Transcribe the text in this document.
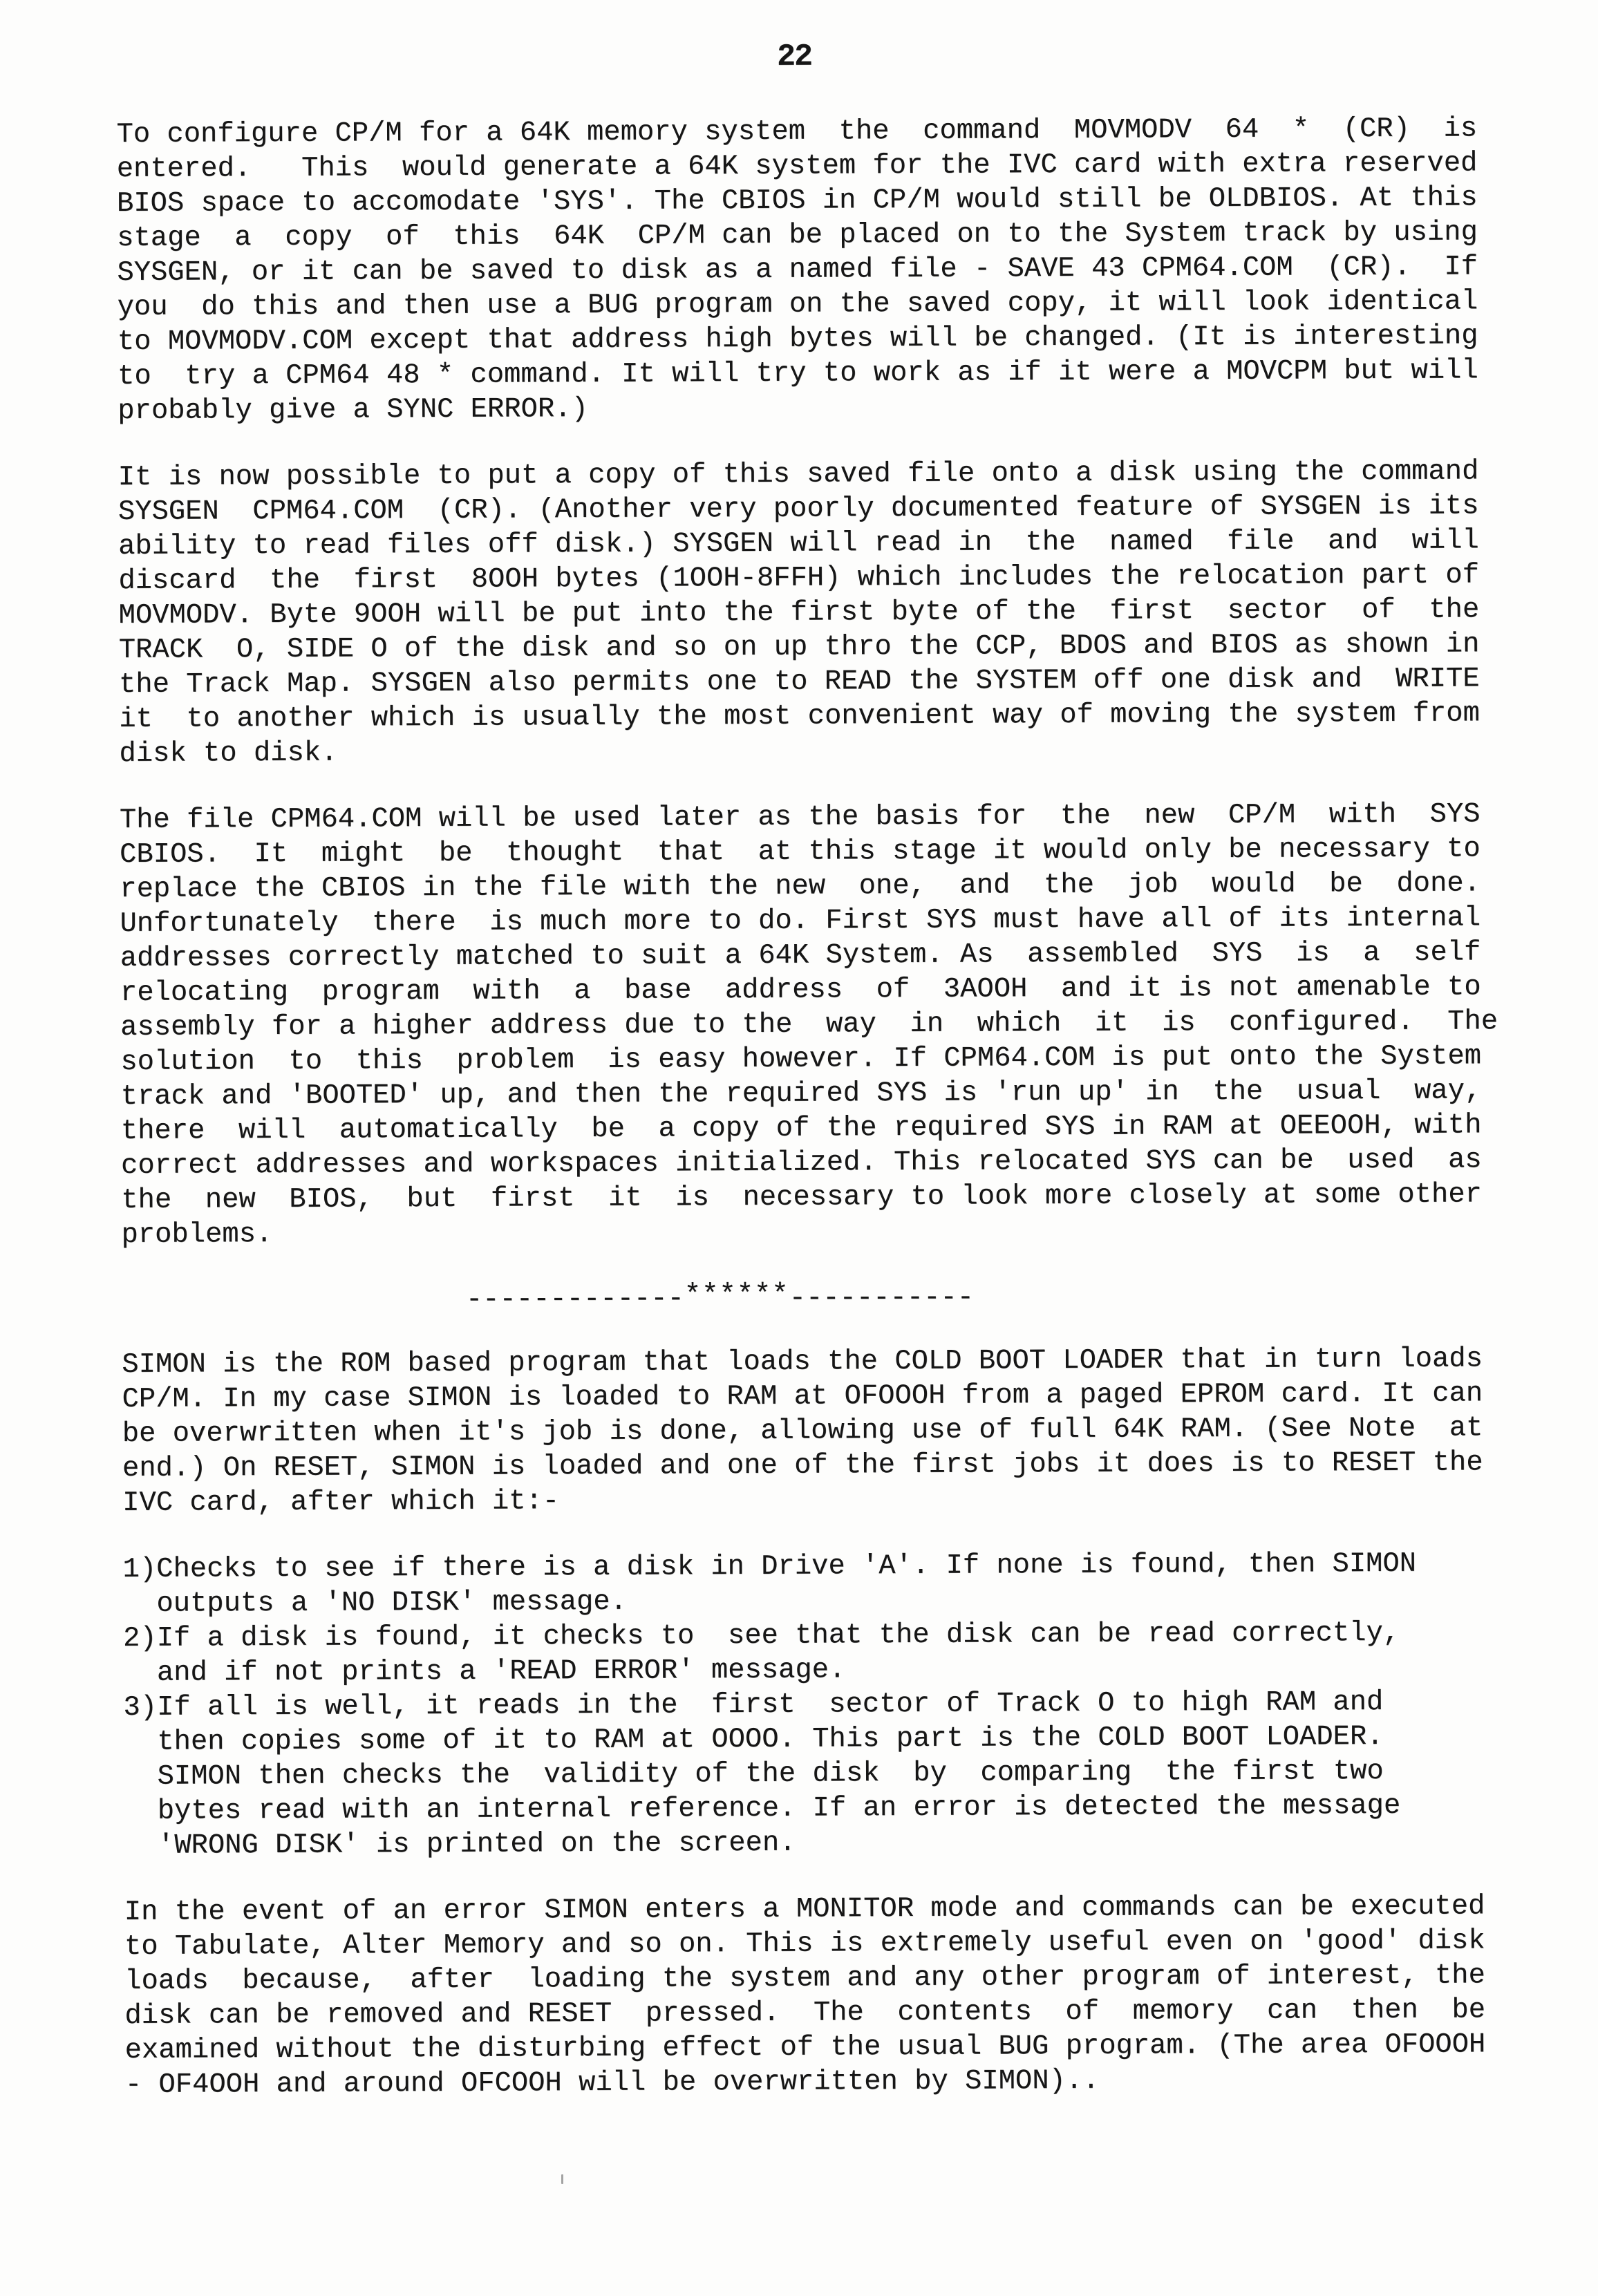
22
To configure CP/M for a 64K memory system  the  command  MOVMODV  64  *  (CR)  is
entered.   This  would generate a 64K system for the IVC card with extra reserved
BIOS space to accomodate 'SYS'. The CBIOS in CP/M would still be OLDBIOS. At this
stage  a  copy  of  this  64K  CP/M can be placed on to the System track by using
SYSGEN, or it can be saved to disk as a named file - SAVE 43 CPM64.COM  (CR).  If
you  do this and then use a BUG program on the saved copy, it will look identical
to MOVMODV.COM except that address high bytes will be changed. (It is interesting
to  try a CPM64 48 * command. It will try to work as if it were a MOVCPM but will
probably give a SYNC ERROR.)
It is now possible to put a copy of this saved file onto a disk using the command
SYSGEN  CPM64.COM  (CR). (Another very poorly documented feature of SYSGEN is its
ability to read files off disk.) SYSGEN will read in  the  named  file  and  will
discard  the  first  8OOH bytes (1OOH-8FFH) which includes the relocation part of
MOVMODV. Byte 9OOH will be put into the first byte of the  first  sector  of  the
TRACK  O, SIDE O of the disk and so on up thro the CCP, BDOS and BIOS as shown in
the Track Map. SYSGEN also permits one to READ the SYSTEM off one disk and  WRITE
it  to another which is usually the most convenient way of moving the system from
disk to disk.
The file CPM64.COM will be used later as the basis for  the  new  CP/M  with  SYS
CBIOS.  It  might  be  thought  that  at this stage it would only be necessary to
replace the CBIOS in the file with the new  one,  and  the  job  would  be  done.
Unfortunately  there  is much more to do. First SYS must have all of its internal
addresses correctly matched to suit a 64K System. As  assembled  SYS  is  a  self
relocating  program  with  a  base  address  of  3AOOH  and it is not amenable to
assembly for a higher address due to the  way  in  which  it  is  configured.  The
solution  to  this  problem  is easy however. If CPM64.COM is put onto the System
track and 'BOOTED' up, and then the required SYS is 'run up' in  the  usual  way,
there  will  automatically  be  a copy of the required SYS in RAM at OEEOOH, with
correct addresses and workspaces initialized. This relocated SYS can be  used  as
the  new  BIOS,  but  first  it  is  necessary to look more closely at some other
problems.
-------------******-----------
SIMON is the ROM based program that loads the COLD BOOT LOADER that in turn loads
CP/M. In my case SIMON is loaded to RAM at OFOOOH from a paged EPROM card. It can
be overwritten when it's job is done, allowing use of full 64K RAM. (See Note  at
end.) On RESET, SIMON is loaded and one of the first jobs it does is to RESET the
IVC card, after which it:-
1)Checks to see if there is a disk in Drive 'A'. If none is found, then SIMON
outputs a 'NO DISK' message.
2)If a disk is found, it checks to  see that the disk can be read correctly,
and if not prints a 'READ ERROR' message.
3)If all is well, it reads in the  first  sector of Track O to high RAM and
then copies some of it to RAM at OOOO. This part is the COLD BOOT LOADER.
SIMON then checks the  validity of the disk  by  comparing  the first two
bytes read with an internal reference. If an error is detected the message
'WRONG DISK' is printed on the screen.
In the event of an error SIMON enters a MONITOR mode and commands can be executed
to Tabulate, Alter Memory and so on. This is extremely useful even on 'good' disk
loads  because,  after  loading the system and any other program of interest, the
disk can be removed and RESET  pressed.  The  contents  of  memory  can  then  be
examined without the disturbing effect of the usual BUG program. (The area OFOOOH
- OF4OOH and around OFCOOH will be overwritten by SIMON)..
